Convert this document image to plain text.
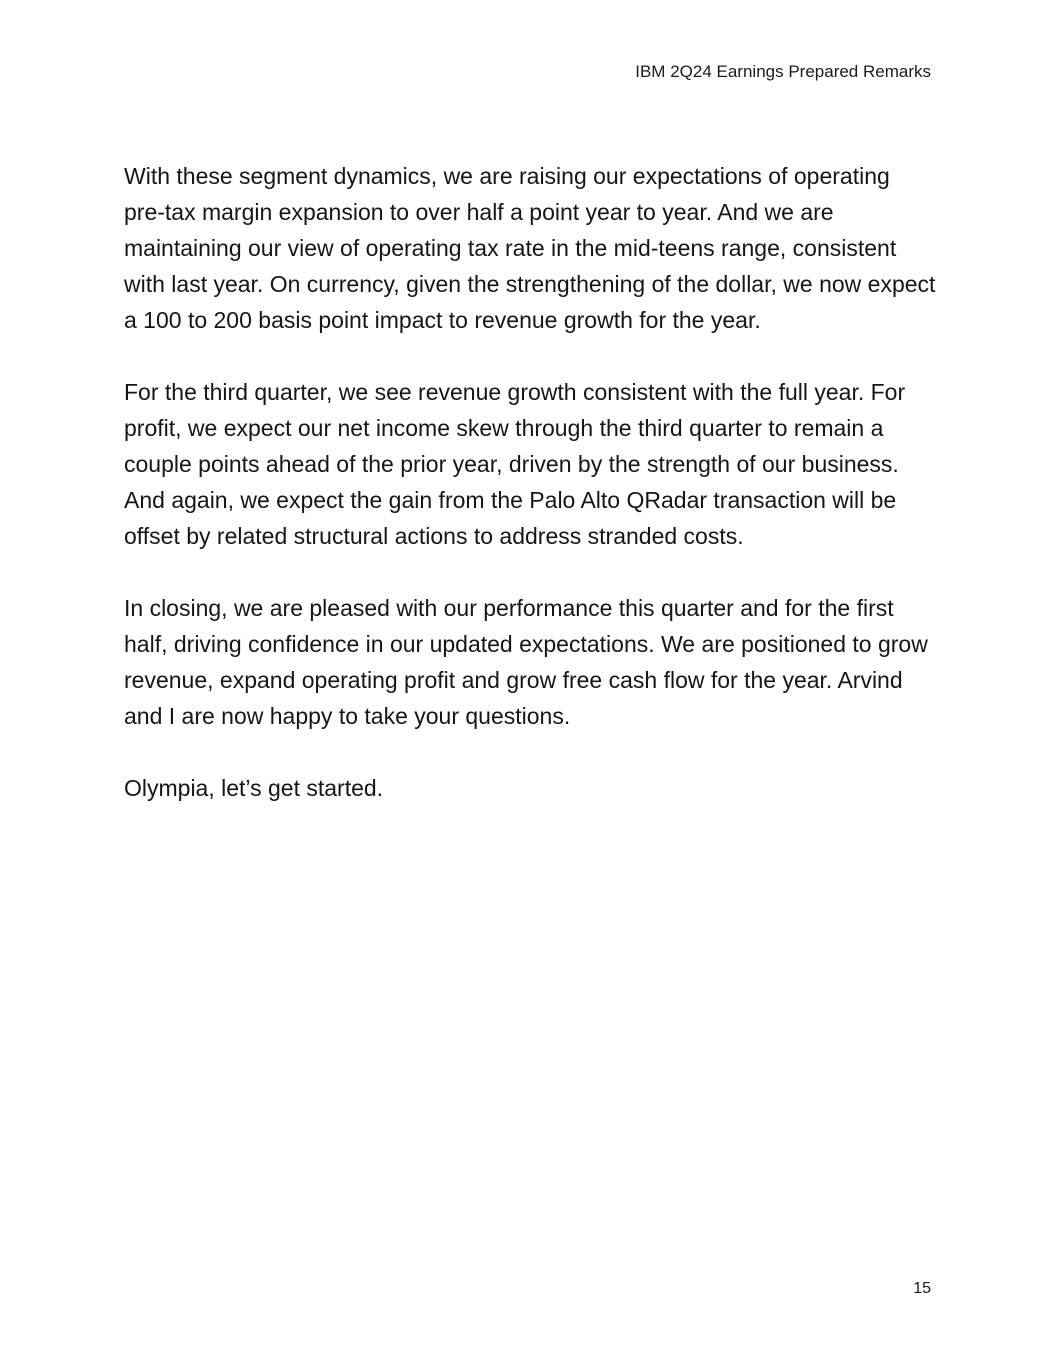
IBM 2Q24 Earnings Prepared Remarks

With these segment dynamics, we are raising our expectations of operating pre-tax margin expansion to over half a point year to year. And we are maintaining our view of operating tax rate in the mid-teens range, consistent with last year. On currency, given the strengthening of the dollar, we now expect a 100 to 200 basis point impact to revenue growth for the year.

For the third quarter, we see revenue growth consistent with the full year. For profit, we expect our net income skew through the third quarter to remain a couple points ahead of the prior year, driven by the strength of our business. And again, we expect the gain from the Palo Alto QRadar transaction will be offset by related structural actions to address stranded costs.

In closing, we are pleased with our performance this quarter and for the first half, driving confidence in our updated expectations. We are positioned to grow revenue, expand operating profit and grow free cash flow for the year. Arvind and I are now happy to take your questions.

Olympia, let’s get started.

15
